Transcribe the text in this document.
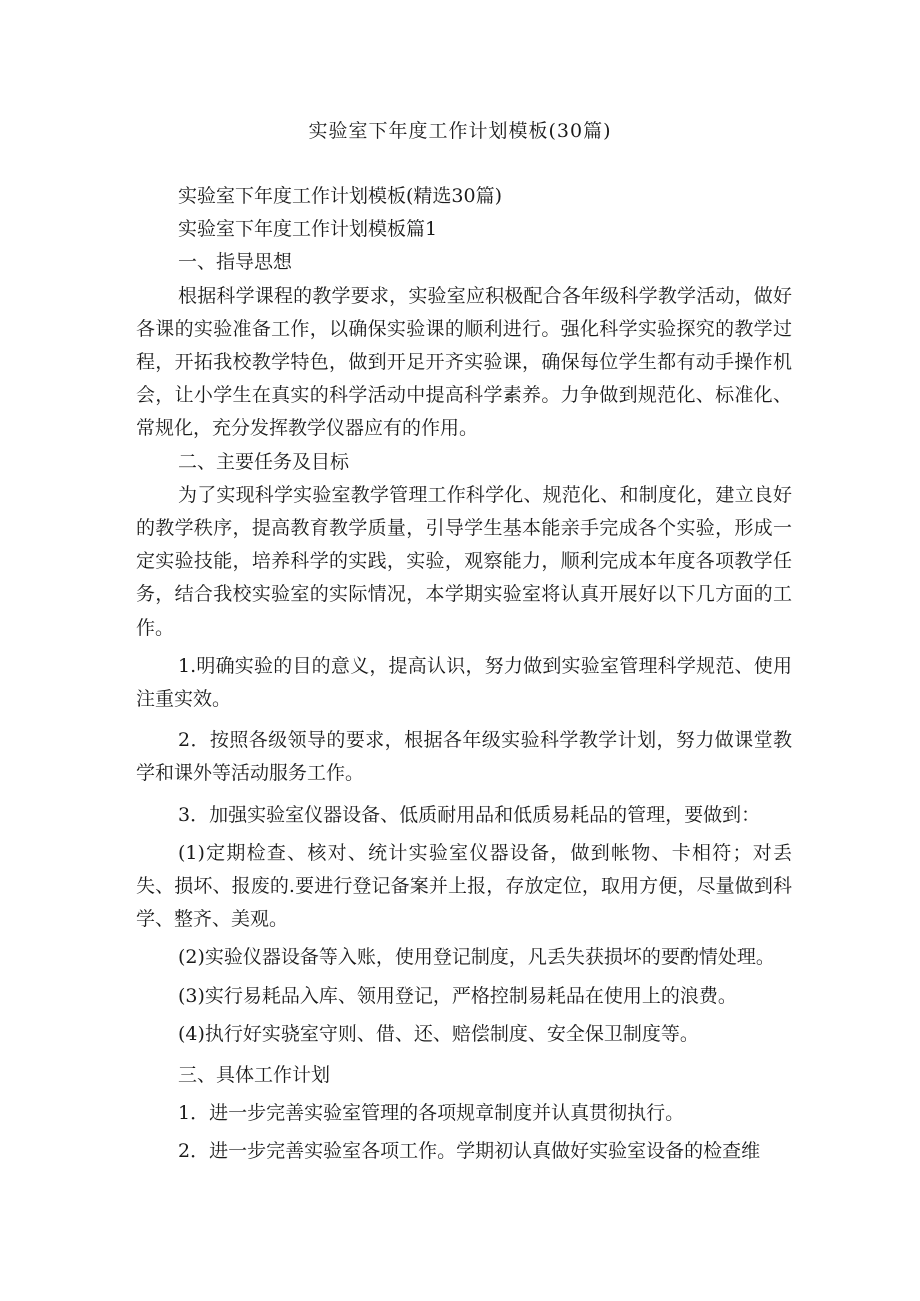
实验室下年度工作计划模板(30篇)

实验室下年度工作计划模板(精选30篇)

实验室下年度工作计划模板篇1

一、指导思想

根据科学课程的教学要求，实验室应积极配合各年级科学教学活动，做好各课的实验准备工作，以确保实验课的顺利进行。强化科学实验探究的教学过程，开拓我校教学特色，做到开足开齐实验课，确保每位学生都有动手操作机会，让小学生在真实的科学活动中提高科学素养。力争做到规范化、标准化、常规化，充分发挥教学仪器应有的作用。

二、主要任务及目标

为了实现科学实验室教学管理工作科学化、规范化、和制度化，建立良好的教学秩序，提高教育教学质量，引导学生基本能亲手完成各个实验，形成一定实验技能，培养科学的实践，实验，观察能力，顺利完成本年度各项教学任务，结合我校实验室的实际情况，本学期实验室将认真开展好以下几方面的工作。

1.明确实验的目的意义，提高认识，努力做到实验室管理科学规范、使用注重实效。

2．按照各级领导的要求，根据各年级实验科学教学计划，努力做课堂教学和课外等活动服务工作。

3．加强实验室仪器设备、低质耐用品和低质易耗品的管理，要做到：

(1)定期检查、核对、统计实验室仪器设备，做到帐物、卡相符；对丢失、损坏、报废的.要进行登记备案并上报，存放定位，取用方便，尽量做到科学、整齐、美观。

(2)实验仪器设备等入账，使用登记制度，凡丢失获损坏的要酌情处理。

(3)实行易耗品入库、领用登记，严格控制易耗品在使用上的浪费。

(4)执行好实骁室守则、借、还、赔偿制度、安全保卫制度等。

三、具体工作计划

1．进一步完善实验室管理的各项规章制度并认真贯彻执行。

2．进一步完善实验室各项工作。学期初认真做好实验室设备的检查维
